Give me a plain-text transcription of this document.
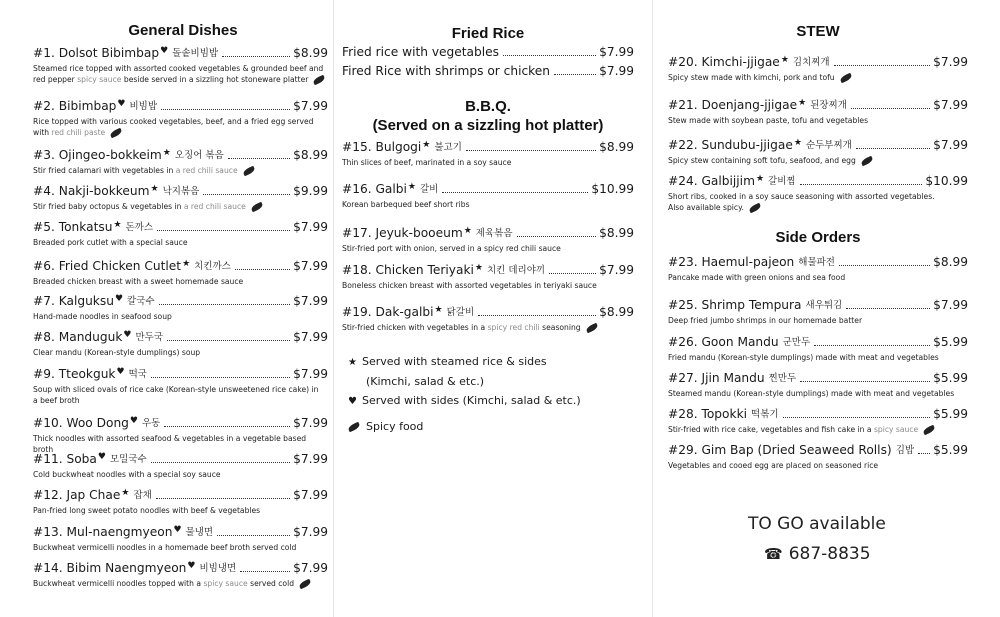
General Dishes
#1. Dolsot Bibimbap ♥ 돌솥비빔밥	$8.99
Steamed rice topped with assorted cooked vegetables & grounded beef and
red pepper spicy sauce beside served in a sizzling hot stoneware platter
#2. Bibimbap ♥ 비빔밥	$7.99
Rice topped with various cooked vegetables, beef, and a fried egg served
with red chili paste
#3. Ojingeo-bokkeim ★ 오징어 볶음	$8.99
Stir fried calamari with vegetables in a red chili sauce
#4. Nakji-bokkeum ★ 낙지볶음	$9.99
Stir fried baby octopus & vegetables in a red chili sauce
#5. Tonkatsu ★ 돈까스	$7.99
Breaded pork cutlet with a special sauce
#6. Fried Chicken Cutlet ★ 치킨까스	$7.99
Breaded chicken breast with a sweet homemade sauce
#7. Kalguksu ♥ 칼국수	$7.99
Hand-made noodles in seafood soup
#8. Manduguk ♥ 만두국	$7.99
Clear mandu (Korean-style dumplings) soup
#9. Tteokguk ♥ 떡국	$7.99
Soup with sliced ovals of rice cake (Korean-style unsweetened rice cake) in
a beef broth
#10. Woo Dong ♥ 우동	$7.99
Thick noodles with assorted seafood & vegetables in a vegetable based broth
#11. Soba ♥ 모밀국수	$7.99
Cold buckwheat noodles with a special soy sauce
#12. Jap Chae ★ 잡채	$7.99
Pan-fried long sweet potato noodles with beef & vegetables
#13. Mul-naengmyeon ♥ 물냉면	$7.99
Buckwheat vermicelli noodles in a homemade beef broth served cold
#14. Bibim Naengmyeon ♥ 비빔냉면	$7.99
Buckwheat vermicelli noodles topped with a spicy sauce served cold
Fried Rice
Fried rice with vegetables	$7.99
Fired Rice with shrimps or chicken	$7.99
B.B.Q.
(Served on a sizzling hot platter)
#15. Bulgogi ★ 불고기	$8.99
Thin slices of beef, marinated in a soy sauce
#16. Galbi ★ 갈비	$10.99
Korean barbequed beef short ribs
#17. Jeyuk-booeum ★ 제육볶음	$8.99
Stir-fried port with onion, served in a spicy red chili sauce
#18. Chicken Teriyaki ★ 치킨 데리야끼	$7.99
Boneless chicken breast with assorted vegetables in teriyaki sauce
#19. Dak-galbi ★ 닭갈비	$8.99
Stir-fried chicken with vegetables in a spicy red chili seasoning
★ Served with steamed rice & sides
(Kimchi, salad & etc.)
♥ Served with sides (Kimchi, salad & etc.)
Spicy food
STEW
#20. Kimchi-jjigae ★ 김치찌개	$7.99
Spicy stew made with kimchi, pork and tofu
#21. Doenjang-jjigae ★ 된장찌개	$7.99
Stew made with soybean paste, tofu and vegetables
#22. Sundubu-jjigae ★ 순두부찌개	$7.99
Spicy stew containing soft tofu, seafood, and egg
#24. Galbijjim ★ 갈비찜	$10.99
Short ribs, cooked in a soy sauce seasoning with assorted vegetables.
Also available spicy.
Side Orders
#23. Haemul-pajeon 해물파전	$8.99
Pancake made with green onions and sea food
#25. Shrimp Tempura 새우튀김	$7.99
Deep fried jumbo shrimps in our homemade batter
#26. Goon Mandu 군만두	$5.99
Fried mandu (Korean-style dumplings) made with meat and vegetables
#27. Jjin Mandu 찐만두	$5.99
Steamed mandu (Korean-style dumplings) made with meat and vegetables
#28. Topokki 떡볶기	$5.99
Stir-fried with rice cake, vegetables and fish cake in a spicy sauce
#29. Gim Bap (Dried Seaweed Rolls) 김밥 $5.99
Vegetables and cooed egg are placed on seasoned rice
TO GO available
☎ 687-8835
